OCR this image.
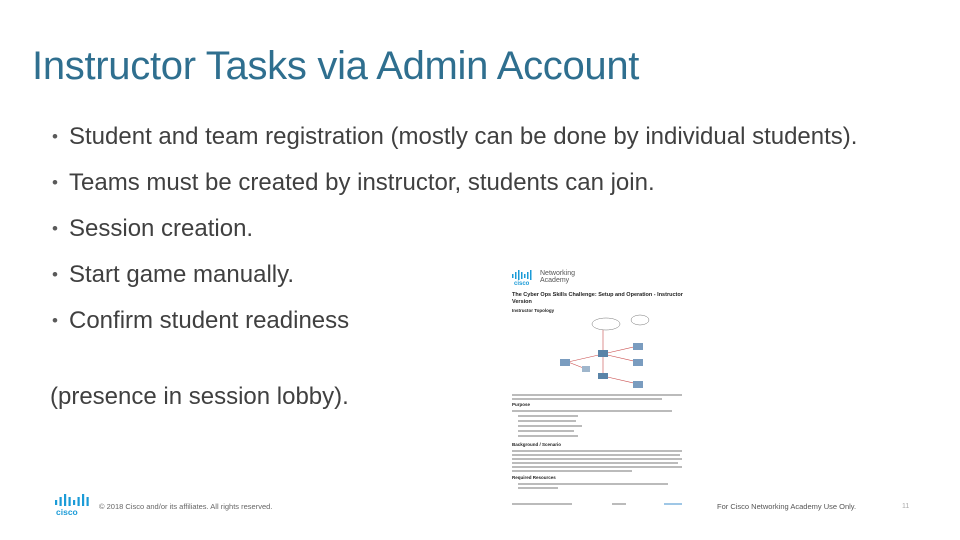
Instructor Tasks via Admin Account
• Student and team registration (mostly can be done by individual students).
• Teams must be created by instructor, students can join.
• Session creation.
• Start game manually.
• Confirm student readiness
(presence in session lobby).
cisco
Networking
Academy
The Cyber Ops Skills Challenge: Setup and Operation - Instructor Version
Instructor Topology
Purpose
Background / Scenario
Required Resources
cisco
© 2018 Cisco and/or its affiliates. All rights reserved.	For Cisco Networking Academy Use Only.	11
